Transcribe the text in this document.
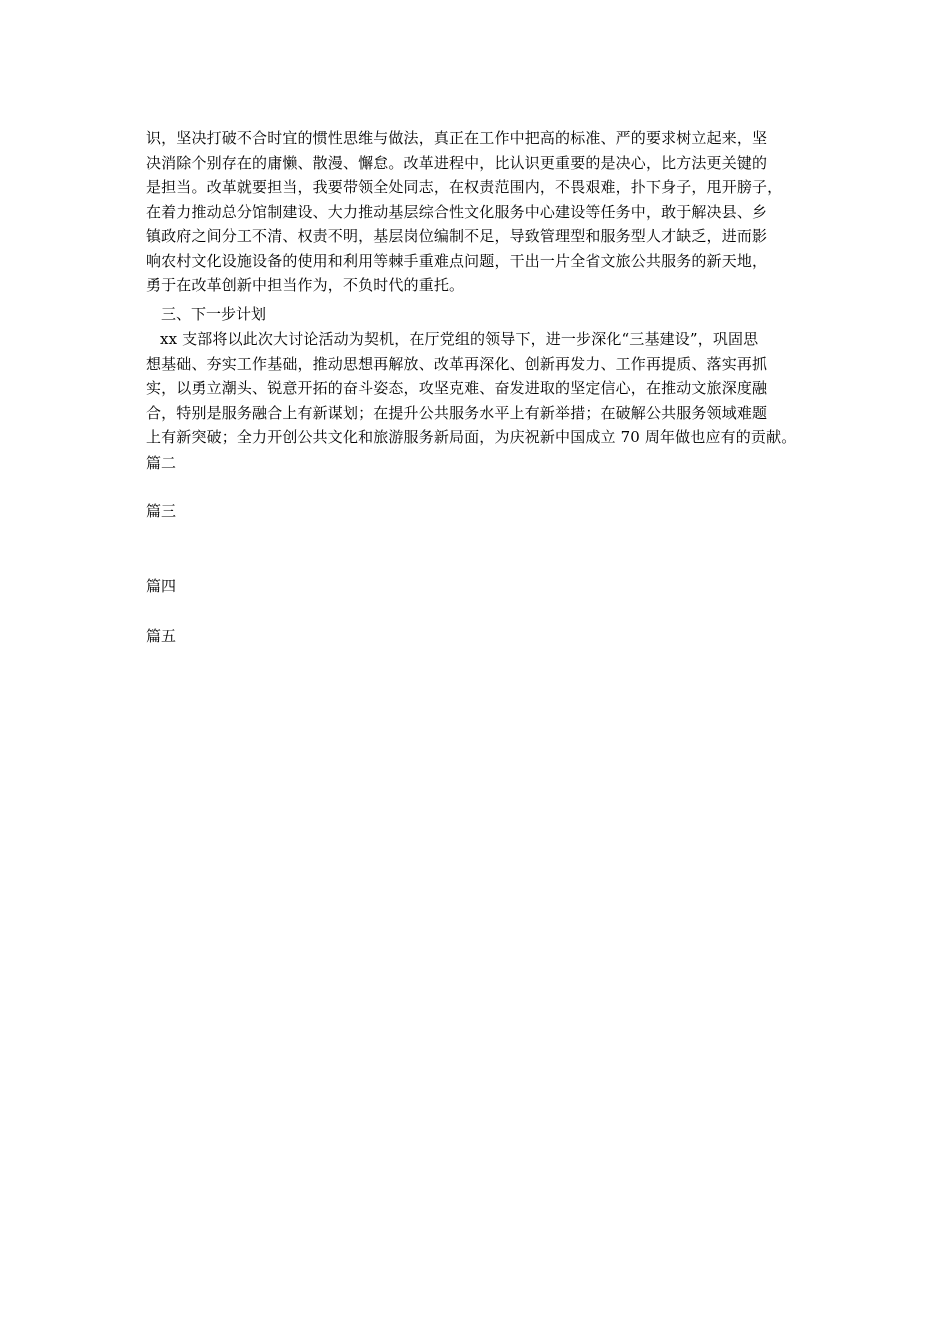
识，坚决打破不合时宜的惯性思维与做法，真正在工作中把高的标准、严的要求树立起来，坚
决消除个别存在的庸懒、散漫、懈怠。改革进程中，比认识更重要的是决心，比方法更关键的
是担当。改革就要担当，我要带领全处同志，在权责范围内，不畏艰难，扑下身子，甩开膀子，
在着力推动总分馆制建设、大力推动基层综合性文化服务中心建设等任务中，敢于解决县、乡
镇政府之间分工不清、权责不明，基层岗位编制不足，导致管理型和服务型人才缺乏，进而影
响农村文化设施设备的使用和利用等棘手重难点问题，干出一片全省文旅公共服务的新天地，
勇于在改革创新中担当作为，不负时代的重托。
三、下一步计划
xx 支部将以此次大讨论活动为契机，在厅党组的领导下，进一步深化“三基建设”，巩固思
想基础、夯实工作基础，推动思想再解放、改革再深化、创新再发力、工作再提质、落实再抓
实，以勇立潮头、锐意开拓的奋斗姿态，攻坚克难、奋发进取的坚定信心，在推动文旅深度融
合，特别是服务融合上有新谋划；在提升公共服务水平上有新举措；在破解公共服务领域难题
上有新突破；全力开创公共文化和旅游服务新局面，为庆祝新中国成立 70 周年做也应有的贡献。
篇二
篇三
篇四
篇五
